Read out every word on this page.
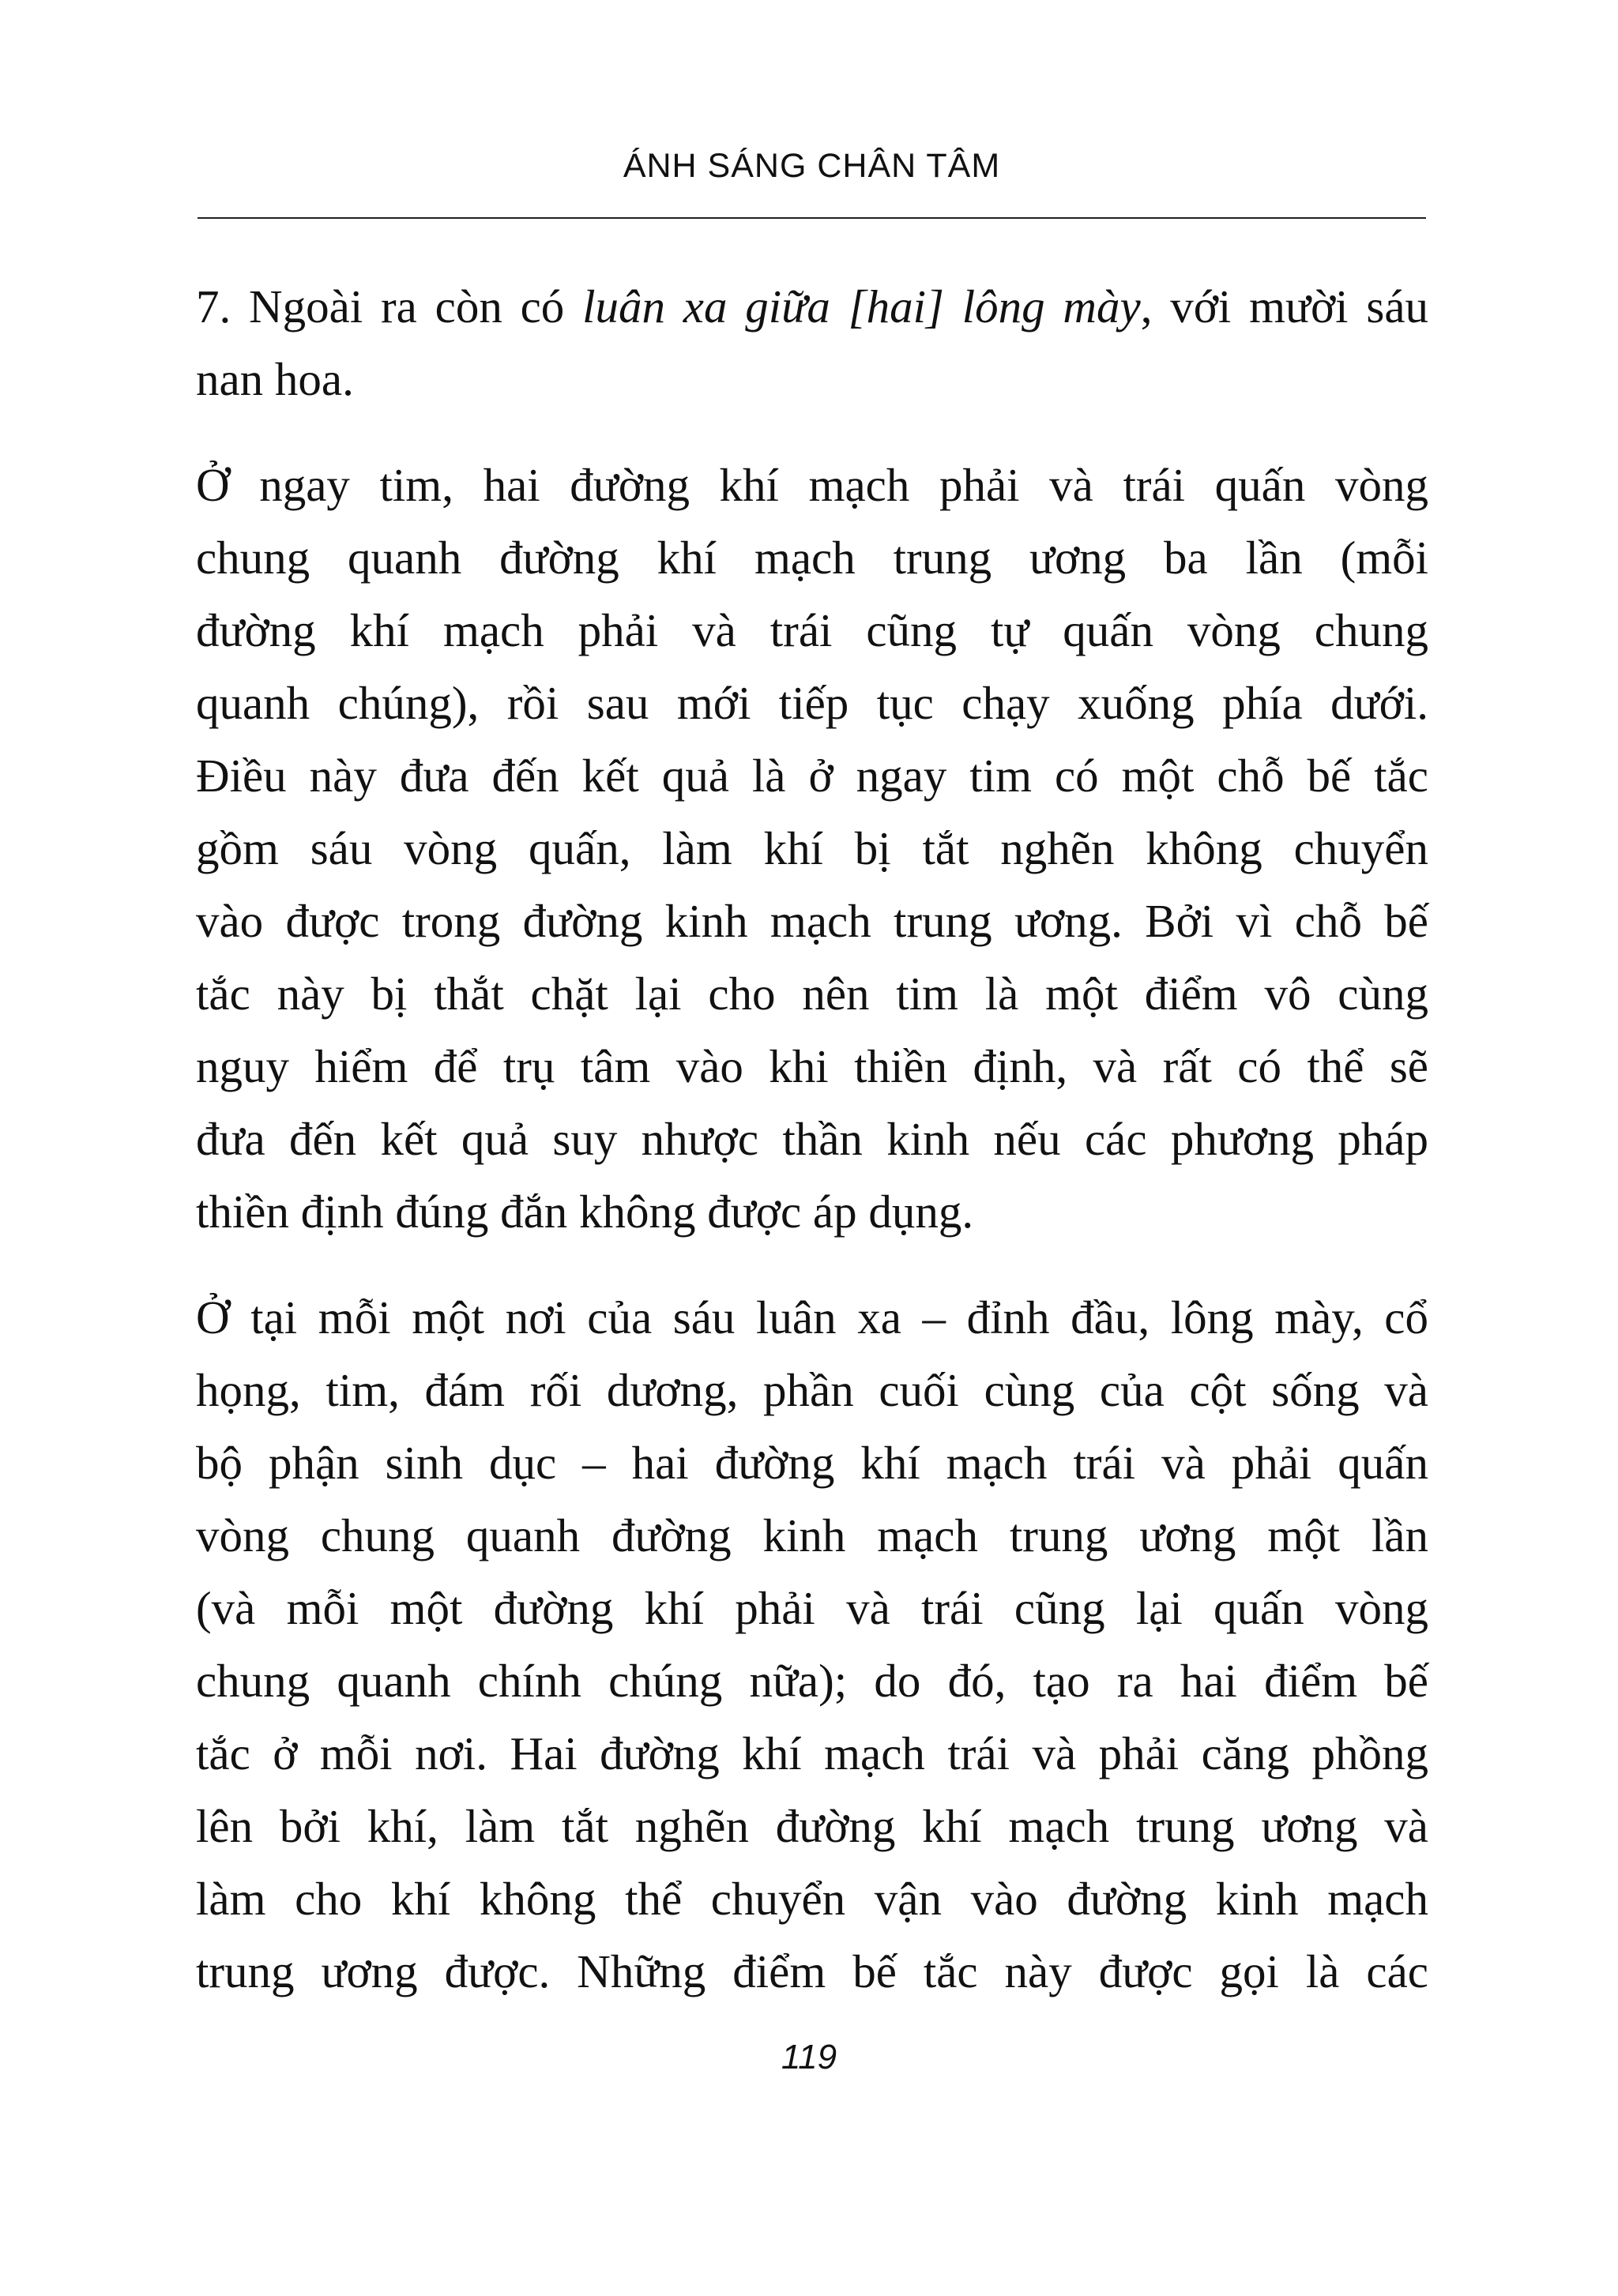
ÁNH SÁNG CHÂN TÂM
7. Ngoài ra còn có luân xa giữa [hai] lông mày, với mười sáu
nan hoa.
Ở ngay tim, hai đường khí mạch phải và trái quấn vòng
chung quanh đường khí mạch trung ương ba lần (mỗi
đường khí mạch phải và trái cũng tự quấn vòng chung
quanh chúng), rồi sau mới tiếp tục chạy xuống phía dưới.
Điều này đưa đến kết quả là ở ngay tim có một chỗ bế tắc
gồm sáu vòng quấn, làm khí bị tắt nghẽn không chuyển
vào được trong đường kinh mạch trung ương. Bởi vì chỗ bế
tắc này bị thắt chặt lại cho nên tim là một điểm vô cùng
nguy hiểm để trụ tâm vào khi thiền định, và rất có thể sẽ
đưa đến kết quả suy nhược thần kinh nếu các phương pháp
thiền định đúng đắn không được áp dụng.
Ở tại mỗi một nơi của sáu luân xa – đỉnh đầu, lông mày, cổ
họng, tim, đám rối dương, phần cuối cùng của cột sống và
bộ phận sinh dục – hai đường khí mạch trái và phải quấn
vòng chung quanh đường kinh mạch trung ương một lần
(và mỗi một đường khí phải và trái cũng lại quấn vòng
chung quanh chính chúng nữa); do đó, tạo ra hai điểm bế
tắc ở mỗi nơi. Hai đường khí mạch trái và phải căng phồng
lên bởi khí, làm tắt nghẽn đường khí mạch trung ương và
làm cho khí không thể chuyển vận vào đường kinh mạch
trung ương được. Những điểm bế tắc này được gọi là các
119
